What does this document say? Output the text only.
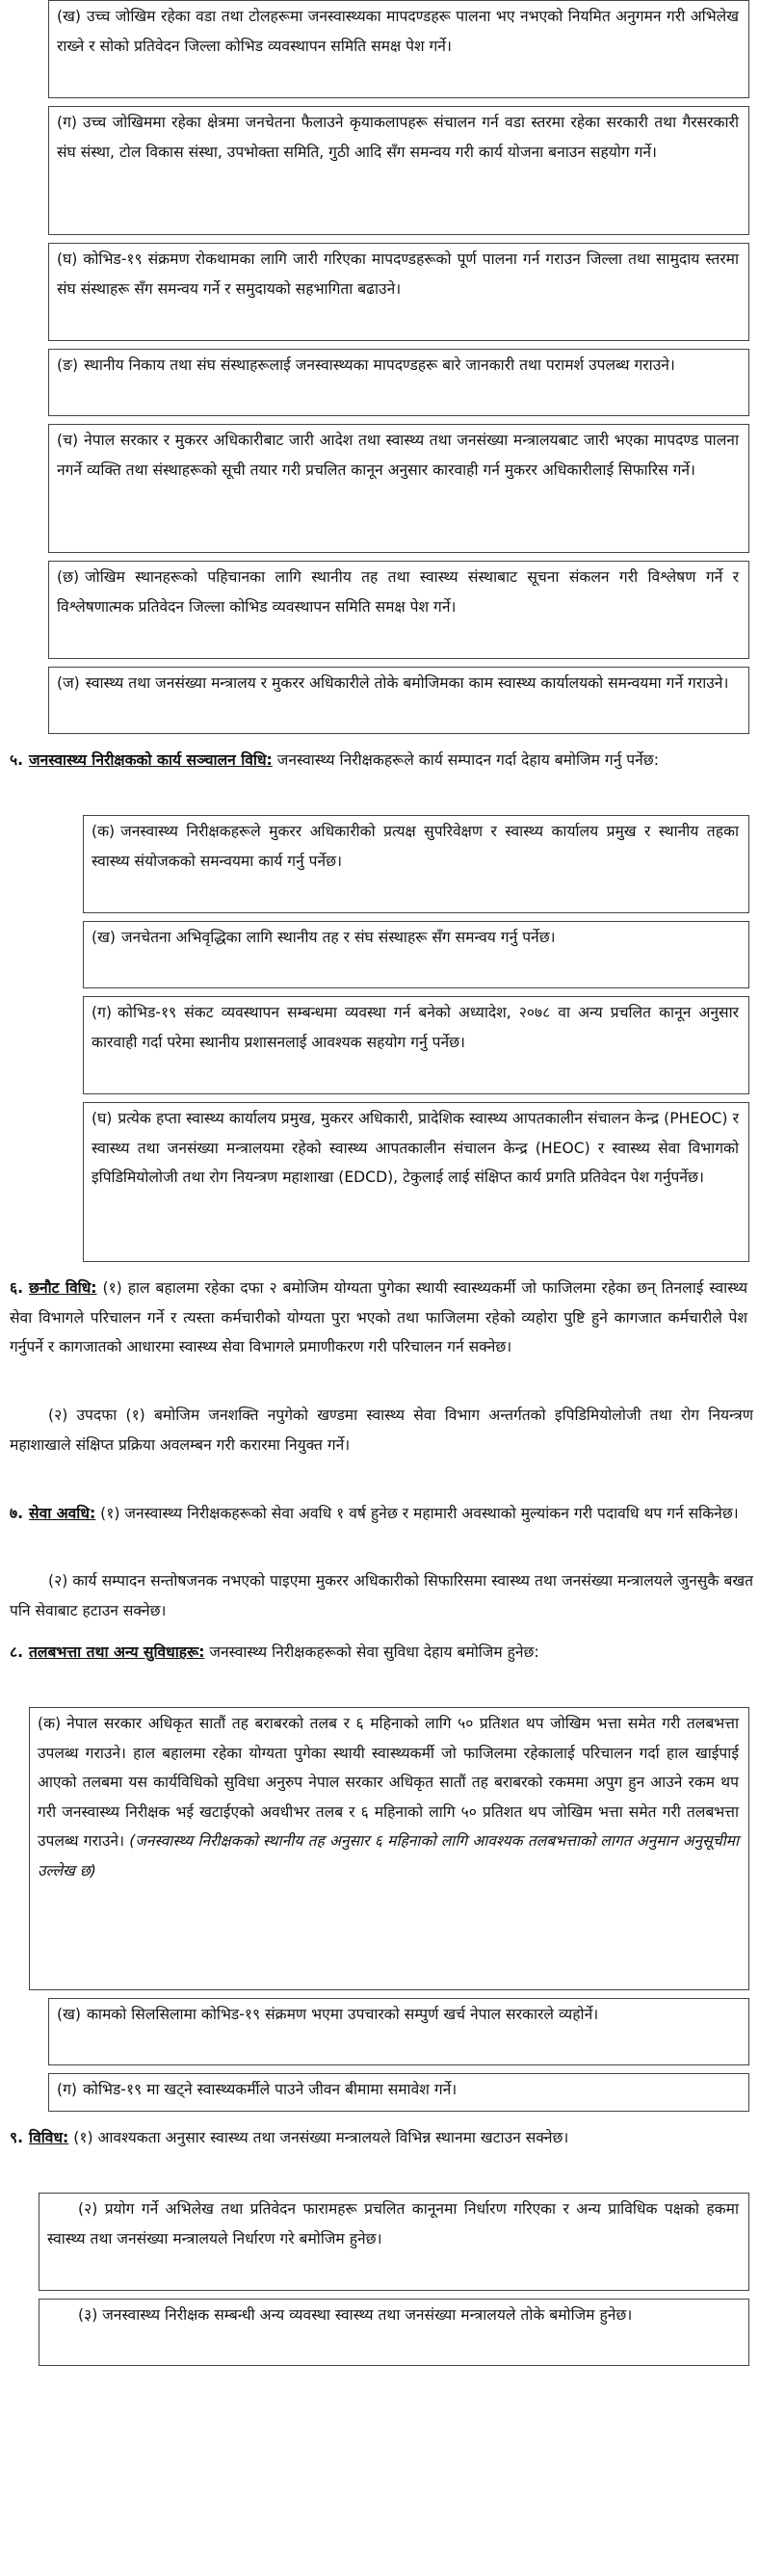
(ख) उच्च जोखिम रहेका वडा तथा टोलहरूमा जनस्वास्थ्यका मापदण्डहरू पालना भए नभएको नियमित अनुगमन गरी अभिलेख राख्ने र सोको प्रतिवेदन जिल्ला कोभिड व्यवस्थापन समिति समक्ष पेश गर्ने।
(ग) उच्च जोखिममा रहेका क्षेत्रमा जनचेतना फैलाउने कृयाकलापहरू संचालन गर्न वडा स्तरमा रहेका सरकारी तथा गैरसरकारी संघ संस्था, टोल विकास संस्था, उपभोक्ता समिति, गुठी आदि सँग समन्वय गरी कार्य योजना बनाउन सहयोग गर्ने।
(घ) कोभिड-१९ संक्रमण रोकथामका लागि जारी गरिएका मापदण्डहरूको पूर्ण पालना गर्न गराउन जिल्ला तथा सामुदाय स्तरमा संघ संस्थाहरू सँग समन्वय गर्ने र समुदायको सहभागिता बढाउने।
(ङ) स्थानीय निकाय तथा संघ संस्थाहरूलाई जनस्वास्थ्यका मापदण्डहरू बारे जानकारी तथा परामर्श उपलब्ध गराउने।
(च) नेपाल सरकार र मुकरर अधिकारीबाट जारी आदेश तथा स्वास्थ्य तथा जनसंख्या मन्त्रालयबाट जारी भएका मापदण्ड पालना नगर्ने व्यक्ति तथा संस्थाहरूको सूची तयार गरी प्रचलित कानून अनुसार कारवाही गर्न मुकरर अधिकारीलाई सिफारिस गर्ने।
(छ) जोखिम स्थानहरूको पहिचानका लागि स्थानीय तह तथा स्वास्थ्य संस्थाबाट सूचना संकलन गरी विश्लेषण गर्ने र विश्लेषणात्मक प्रतिवेदन जिल्ला कोभिड व्यवस्थापन समिति समक्ष पेश गर्ने।
(ज) स्वास्थ्य तथा जनसंख्या मन्त्रालय र मुकरर अधिकारीले तोके बमोजिमका काम स्वास्थ्य कार्यालयको समन्वयमा गर्ने गराउने।
५. जनस्वास्थ्य निरीक्षकको कार्य सञ्चालन विधि: जनस्वास्थ्य निरीक्षकहरूले कार्य सम्पादन गर्दा देहाय बमोजिम गर्नु पर्नेछ:
(क) जनस्वास्थ्य निरीक्षकहरूले मुकरर अधिकारीको प्रत्यक्ष सुपरिवेक्षण र स्वास्थ्य कार्यालय प्रमुख र स्थानीय तहका स्वास्थ्य संयोजकको समन्वयमा कार्य गर्नु पर्नेछ।
(ख) जनचेतना अभिवृद्धिका लागि स्थानीय तह र संघ संस्थाहरू सँग समन्वय गर्नु पर्नेछ।
(ग) कोभिड-१९ संकट व्यवस्थापन सम्बन्धमा व्यवस्था गर्न बनेको अध्यादेश, २०७८ वा अन्य प्रचलित कानून अनुसार कारवाही गर्दा परेमा स्थानीय प्रशासनलाई आवश्यक सहयोग गर्नु पर्नेछ।
(घ) प्रत्येक हप्ता स्वास्थ्य कार्यालय प्रमुख, मुकरर अधिकारी, प्रादेशिक स्वास्थ्य आपतकालीन संचालन केन्द्र (PHEOC) र स्वास्थ्य तथा जनसंख्या मन्त्रालयमा रहेको स्वास्थ्य आपतकालीन संचालन केन्द्र (HEOC) र स्वास्थ्य सेवा विभागको इपिडिमियोलोजी तथा रोग नियन्त्रण महाशाखा (EDCD), टेकुलाई लाई संक्षिप्त कार्य प्रगति प्रतिवेदन पेश गर्नुपर्नेछ।
६. छनौट विधि: (१) हाल बहालमा रहेका दफा २ बमोजिम योग्यता पुगेका स्थायी स्वास्थ्यकर्मी जो फाजिलमा रहेका छन् तिनलाई स्वास्थ्य सेवा विभागले परिचालन गर्ने र त्यस्ता कर्मचारीको योग्यता पुरा भएको तथा फाजिलमा रहेको व्यहोरा पुष्टि हुने कागजात कर्मचारीले पेश गर्नुपर्ने र कागजातको आधारमा स्वास्थ्य सेवा विभागले प्रमाणीकरण गरी परिचालन गर्न सक्नेछ।
(२) उपदफा (१) बमोजिम जनशक्ति नपुगेको खण्डमा स्वास्थ्य सेवा विभाग अन्तर्गतको इपिडिमियोलोजी तथा रोग नियन्त्रण महाशाखाले संक्षिप्त प्रक्रिया अवलम्बन गरी करारमा नियुक्त गर्ने।
७. सेवा अवधि: (१) जनस्वास्थ्य निरीक्षकहरूको सेवा अवधि १ वर्ष हुनेछ र महामारी अवस्थाको मुल्यांकन गरी पदावधि थप गर्न सकिनेछ।
(२) कार्य सम्पादन सन्तोषजनक नभएको पाइएमा मुकरर अधिकारीको सिफारिसमा स्वास्थ्य तथा जनसंख्या मन्त्रालयले जुनसुकै बखत पनि सेवाबाट हटाउन सक्नेछ।
८. तलबभत्ता तथा अन्य सुविधाहरू: जनस्वास्थ्य निरीक्षकहरूको सेवा सुविधा देहाय बमोजिम हुनेछ:
(क) नेपाल सरकार अधिकृत सातौं तह बराबरको तलब र ६ महिनाको लागि ५० प्रतिशत थप जोखिम भत्ता समेत गरी तलबभत्ता उपलब्ध गराउने। हाल बहालमा रहेका योग्यता पुगेका स्थायी स्वास्थ्यकर्मी जो फाजिलमा रहेकालाई परिचालन गर्दा हाल खाईपाई आएको तलबमा यस कार्यविधिको सुविधा अनुरुप नेपाल सरकार अधिकृत सातौं तह बराबरको रकममा अपुग हुन आउने रकम थप गरी जनस्वास्थ्य निरीक्षक भई खटाईएको अवधीभर तलब र ६ महिनाको लागि ५० प्रतिशत थप जोखिम भत्ता समेत गरी तलबभत्ता उपलब्ध गराउने। (जनस्वास्थ्य निरीक्षकको स्थानीय तह अनुसार ६ महिनाको लागि आवश्यक तलबभत्ताको लागत अनुमान अनुसूचीमा उल्लेख छ)
(ख) कामको सिलसिलामा कोभिड-१९ संक्रमण भएमा उपचारको सम्पुर्ण खर्च नेपाल सरकारले व्यहोर्ने।
(ग) कोभिड-१९ मा खट्ने स्वास्थ्यकर्मीले पाउने जीवन बीमामा समावेश गर्ने।
९. विविध: (१) आवश्यकता अनुसार स्वास्थ्य तथा जनसंख्या मन्त्रालयले विभिन्न स्थानमा खटाउन सक्नेछ।
(२) प्रयोग गर्ने अभिलेख तथा प्रतिवेदन फारामहरू प्रचलित कानूनमा निर्धारण गरिएका र अन्य प्राविधिक पक्षको हकमा स्वास्थ्य तथा जनसंख्या मन्त्रालयले निर्धारण गरे बमोजिम हुनेछ।
(३) जनस्वास्थ्य निरीक्षक सम्बन्धी अन्य व्यवस्था स्वास्थ्य तथा जनसंख्या मन्त्रालयले तोके बमोजिम हुनेछ।
